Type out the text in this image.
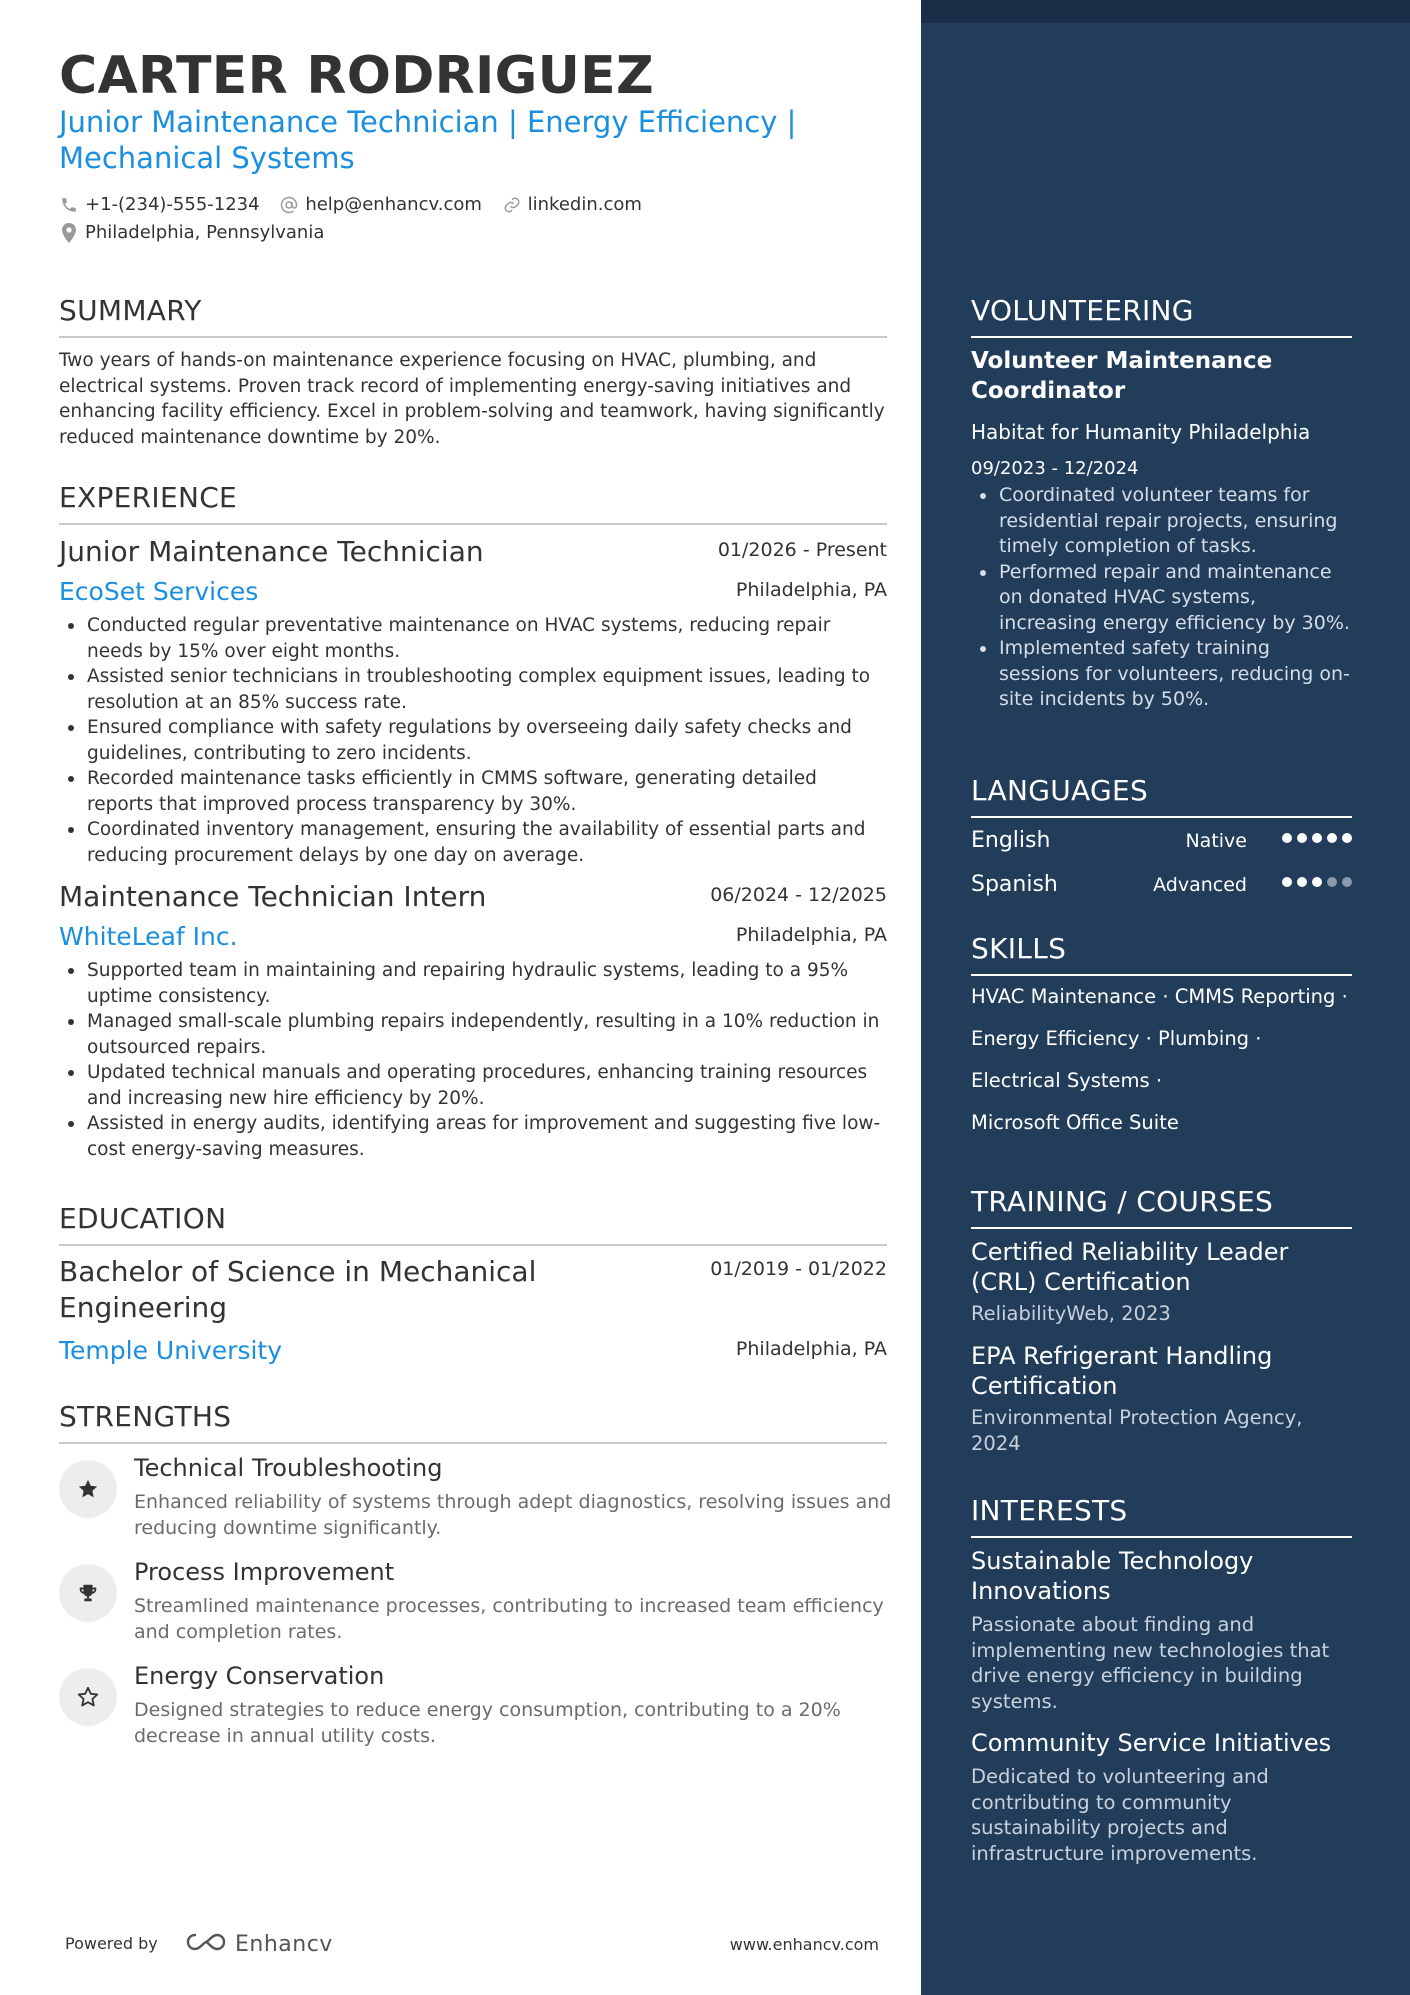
CARTER RODRIGUEZ
Junior Maintenance Technician | Energy Efficiency | Mechanical Systems
+1-(234)-555-1234
	help@enhancv.com
	linkedin.com
Philadelphia, Pennsylvania
SUMMARY
Two years of hands-on maintenance experience focusing on HVAC, plumbing, and electrical systems. Proven track record of implementing energy-saving initiatives and enhancing facility efficiency. Excel in problem-solving and teamwork, having significantly reduced maintenance downtime by 20%.
EXPERIENCE
Junior Maintenance Technician	01/2026 - Present
EcoSet Services	Philadelphia, PA
Conducted regular preventative maintenance on HVAC systems, reducing repair needs by 15% over eight months.
Assisted senior technicians in troubleshooting complex equipment issues, leading to resolution at an 85% success rate.
Ensured compliance with safety regulations by overseeing daily safety checks and guidelines, contributing to zero incidents.
Recorded maintenance tasks efficiently in CMMS software, generating detailed reports that improved process transparency by 30%.
Coordinated inventory management, ensuring the availability of essential parts and reducing procurement delays by one day on average.
Maintenance Technician Intern	06/2024 - 12/2025
WhiteLeaf Inc.	Philadelphia, PA
Supported team in maintaining and repairing hydraulic systems, leading to a 95% uptime consistency.
Managed small-scale plumbing repairs independently, resulting in a 10% reduction in outsourced repairs.
Updated technical manuals and operating procedures, enhancing training resources and increasing new hire efficiency by 20%.
Assisted in energy audits, identifying areas for improvement and suggesting five low-cost energy-saving measures.
EDUCATION
Bachelor of Science in Mechanical Engineering
01/2019 - 01/2022
Temple University	Philadelphia, PA
STRENGTHS
Technical Troubleshooting
Enhanced reliability of systems through adept diagnostics, resolving issues and reducing downtime significantly.
Process Improvement
Streamlined maintenance processes, contributing to increased team efficiency and completion rates.
Energy Conservation
Designed strategies to reduce energy consumption, contributing to a 20% decrease in annual utility costs.
Powered by	Enhancv	www.enhancv.com
VOLUNTEERING
Volunteer Maintenance Coordinator
Habitat for Humanity Philadelphia
09/2023 - 12/2024
Coordinated volunteer teams for residential repair projects, ensuring timely completion of tasks.
Performed repair and maintenance on donated HVAC systems, increasing energy efficiency by 30%.
Implemented safety training sessions for volunteers, reducing on-site incidents by 50%.
LANGUAGES
English	Native
Spanish	Advanced
SKILLS
HVAC Maintenance · CMMS Reporting ·
Energy Efficiency · Plumbing ·
Electrical Systems ·
Microsoft Office Suite
TRAINING / COURSES
Certified Reliability Leader (CRL) Certification
ReliabilityWeb, 2023
EPA Refrigerant Handling Certification
Environmental Protection Agency, 2024
INTERESTS
Sustainable Technology Innovations
Passionate about finding and implementing new technologies that drive energy efficiency in building systems.
Community Service Initiatives
Dedicated to volunteering and contributing to community sustainability projects and infrastructure improvements.
